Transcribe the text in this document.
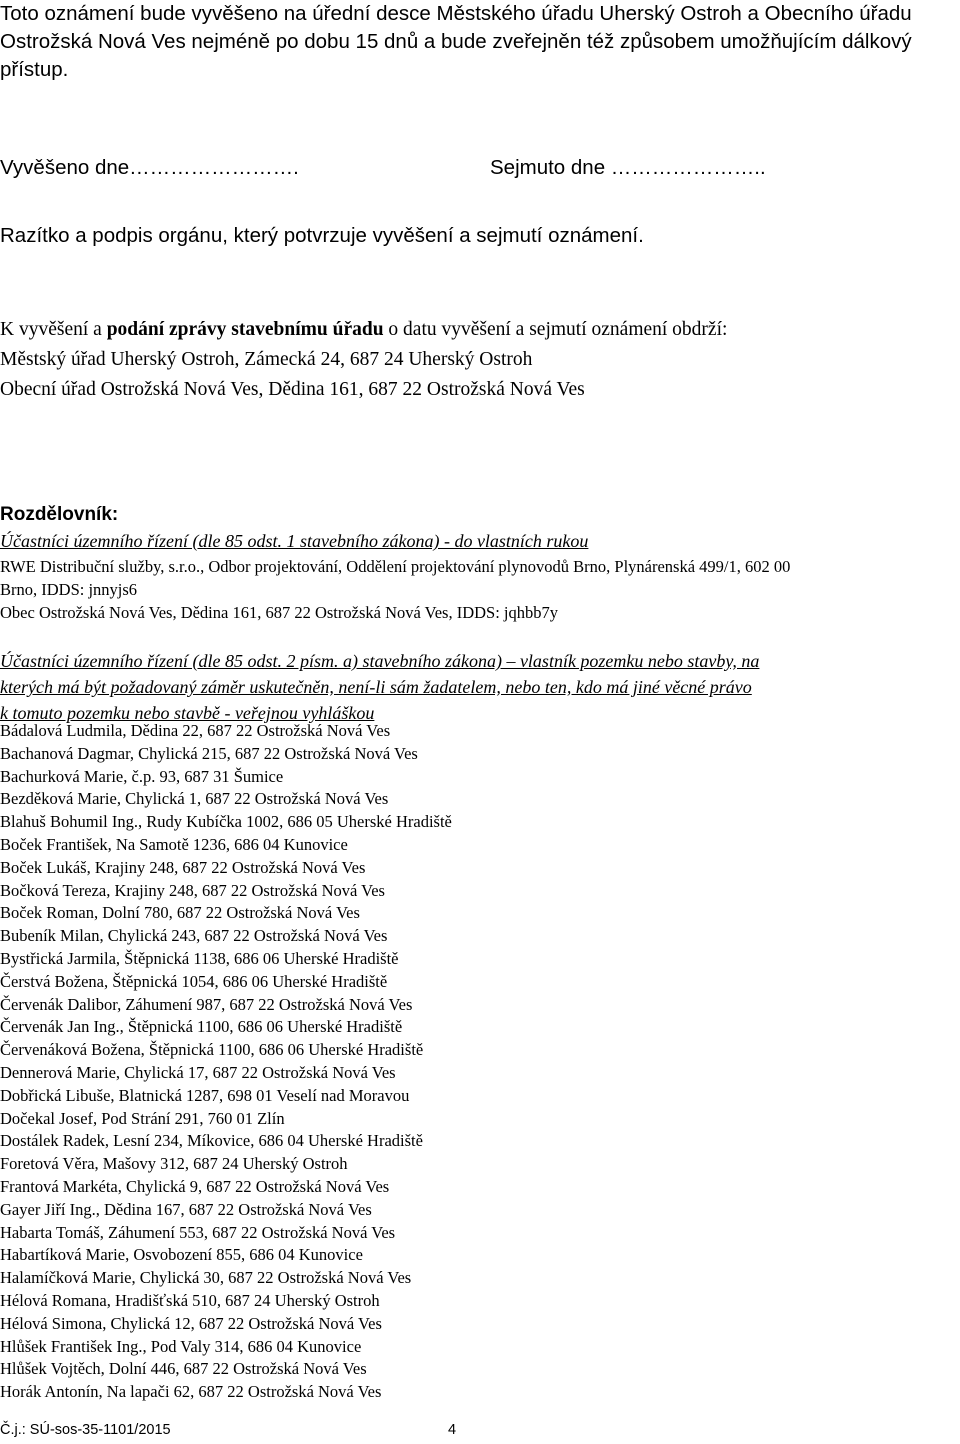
Toto oznámení bude vyvěšeno na úřední desce Městského úřadu Uherský Ostroh a Obecního úřadu
Ostrožská Nová Ves nejméně po dobu 15 dnů a bude zveřejněn též způsobem umožňujícím dálkový
přístup.
Vyvěšeno dne…………………….	Sejmuto dne …………………..
Razítko a podpis orgánu, který potvrzuje vyvěšení a sejmutí oznámení.
K vyvěšení a podání zprávy stavebnímu úřadu o datu vyvěšení a sejmutí oznámení obdrží:
Městský úřad Uherský Ostroh, Zámecká 24, 687 24 Uherský Ostroh
Obecní úřad Ostrožská Nová Ves, Dědina 161, 687 22 Ostrožská Nová Ves
Rozdělovník:
Účastníci územního řízení (dle 85 odst. 1 stavebního zákona) - do vlastních rukou
RWE Distribuční služby, s.r.o., Odbor projektování, Oddělení projektování plynovodů Brno, Plynárenská 499/1, 602 00
Brno, IDDS: jnnyjs6
Obec Ostrožská Nová Ves, Dědina 161, 687 22 Ostrožská Nová Ves, IDDS: jqhbb7y
Účastníci územního řízení (dle 85 odst. 2 písm. a) stavebního zákona) – vlastník pozemku nebo stavby, na
kterých má být požadovaný záměr uskutečněn, není-li sám žadatelem, nebo ten, kdo má jiné věcné právo
k tomuto pozemku nebo stavbě - veřejnou vyhláškou
Bádalová Ludmila, Dědina 22, 687 22 Ostrožská Nová Ves
Bachanová Dagmar, Chylická 215, 687 22 Ostrožská Nová Ves
Bachurková Marie, č.p. 93, 687 31 Šumice
Bezděková Marie, Chylická 1, 687 22 Ostrožská Nová Ves
Blahuš Bohumil Ing., Rudy Kubíčka 1002, 686 05 Uherské Hradiště
Boček František, Na Samotě 1236, 686 04 Kunovice
Boček Lukáš, Krajiny 248, 687 22 Ostrožská Nová Ves
Bočková Tereza, Krajiny 248, 687 22 Ostrožská Nová Ves
Boček Roman, Dolní 780, 687 22 Ostrožská Nová Ves
Bubeník Milan, Chylická 243, 687 22 Ostrožská Nová Ves
Bystřická Jarmila, Štěpnická 1138, 686 06 Uherské Hradiště
Čerstvá Božena, Štěpnická 1054, 686 06 Uherské Hradiště
Červenák Dalibor, Záhumení 987, 687 22 Ostrožská Nová Ves
Červenák Jan Ing., Štěpnická 1100, 686 06 Uherské Hradiště
Červenáková Božena, Štěpnická 1100, 686 06 Uherské Hradiště
Dennerová Marie, Chylická 17, 687 22 Ostrožská Nová Ves
Dobřická Libuše, Blatnická 1287, 698 01 Veselí nad Moravou
Dočekal Josef, Pod Strání 291, 760 01 Zlín
Dostálek Radek, Lesní 234, Míkovice, 686 04 Uherské Hradiště
Foretová Věra, Mašovy 312, 687 24 Uherský Ostroh
Frantová Markéta, Chylická 9, 687 22 Ostrožská Nová Ves
Gayer Jiří Ing., Dědina 167, 687 22 Ostrožská Nová Ves
Habarta Tomáš, Záhumení 553, 687 22 Ostrožská Nová Ves
Habartíková Marie, Osvobození 855, 686 04 Kunovice
Halamíčková Marie, Chylická 30, 687 22 Ostrožská Nová Ves
Hélová Romana, Hradišťská 510, 687 24 Uherský Ostroh
Hélová Simona, Chylická 12, 687 22 Ostrožská Nová Ves
Hlůšek František Ing., Pod Valy 314, 686 04 Kunovice
Hlůšek Vojtěch, Dolní 446, 687 22 Ostrožská Nová Ves
Horák Antonín, Na lapači 62, 687 22 Ostrožská Nová Ves
Č.j.: SÚ-sos-35-1101/2015	4
